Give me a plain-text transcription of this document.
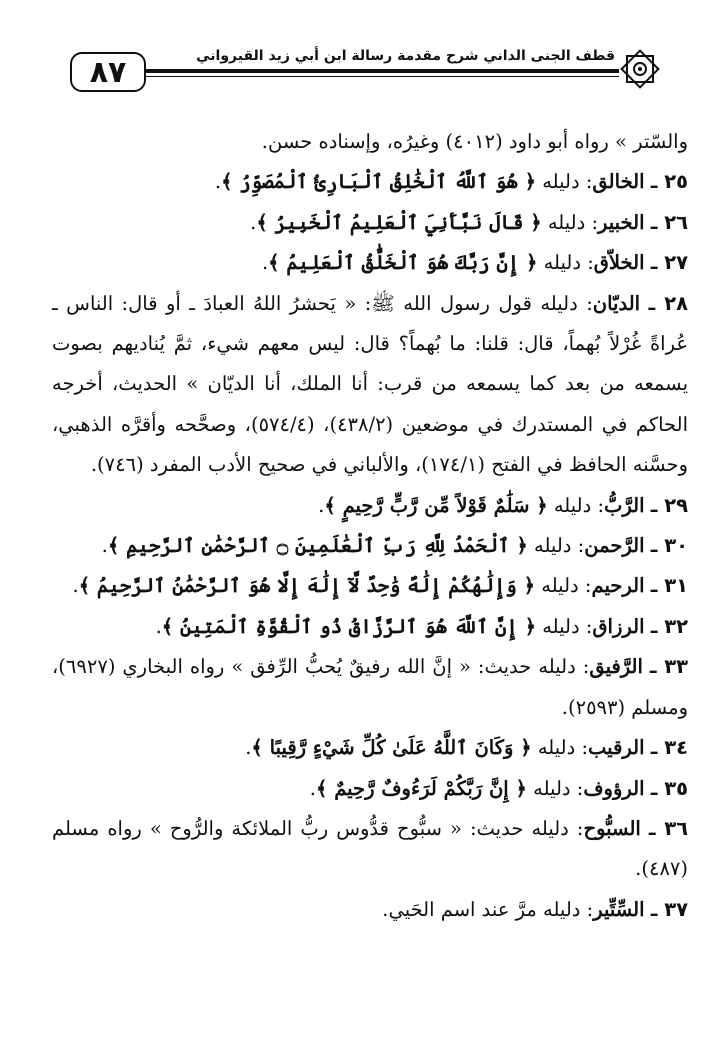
٨٧	قطف الجنى الداني شرح مقدمة رسالة ابن أبي زيد القيرواني

والسّتر » رواه أبو داود (٤٠١٢) وغيرُه، وإسناده حسن.

٢٥ ـ الخالق: دليله ﴿ هُوَ ٱللَّهُ ٱلْخَٰلِقُ ٱلْبَارِئُ ٱلْمُصَوِّرُ ﴾.

٢٦ ـ الخبير: دليله ﴿ قَالَ نَبَّأَنِيَ ٱلْعَلِيمُ ٱلْخَبِيرُ ﴾.

٢٧ ـ الخلاّق: دليله ﴿ إِنَّ رَبَّكَ هُوَ ٱلْخَلَّٰقُ ٱلْعَلِيمُ ﴾.

٢٨ ـ الديّان: دليله قول رسول الله ﷺ: « يَحشرُ اللهُ العبادَ ـ أو قال: الناس ـ عُراةً غُرْلاً بُهماً، قال: قلنا: ما بُهماً؟ قال: ليس معهم شيء، ثمَّ يُناديهم بصوت يسمعه من بعد كما يسمعه من قرب: أنا الملك، أنا الديّان » الحديث، أخرجه الحاكم في المستدرك في موضعين (٤٣٨/٢)، (٥٧٤/٤)، وصحَّحه وأقرَّه الذهبي، وحسَّنه الحافظ في الفتح (١٧٤/١)، والألباني في صحيح الأدب المفرد (٧٤٦).

٢٩ ـ الرَّبُّ: دليله ﴿ سَلَٰمٌ قَوْلاً مِّن رَّبٍّ رَّحِيمٍ ﴾.

٣٠ ـ الرَّحمن: دليله ﴿ ٱلْحَمْدُ لِلَّهِ رَبِّ ٱلْعَٰلَمِينَ ۝ ٱلرَّحْمَٰنِ ٱلرَّحِيمِ ﴾.

٣١ ـ الرحيم: دليله ﴿ وَإِلَٰهُكُمْ إِلَٰهٌ وَٰحِدٌ لَّآ إِلَٰهَ إِلَّا هُوَ ٱلرَّحْمَٰنُ ٱلرَّحِيمُ ﴾.

٣٢ ـ الرزاق: دليله ﴿ إِنَّ ٱللَّهَ هُوَ ٱلرَّزَّاقُ ذُو ٱلْقُوَّةِ ٱلْمَتِينُ ﴾.

٣٣ ـ الرَّفيق: دليله حديث: « إنَّ الله رفيقٌ يُحبُّ الرِّفق » رواه البخاري (٦٩٢٧)، ومسلم (٢٥٩٣).

٣٤ ـ الرقيب: دليله ﴿ وَكَانَ ٱللَّهُ عَلَىٰ كُلِّ شَيْءٍ رَّقِيبًا ﴾.

٣٥ ـ الرؤوف: دليله ﴿ إِنَّ رَبَّكُمْ لَرَءُوفٌ رَّحِيمٌ ﴾.

٣٦ ـ السبُّوح: دليله حديث: « سبُّوح قدُّوس ربُّ الملائكة والرُّوح » رواه مسلم (٤٨٧).

٣٧ ـ السِّتِّير: دليله مرَّ عند اسم الحَيي.
